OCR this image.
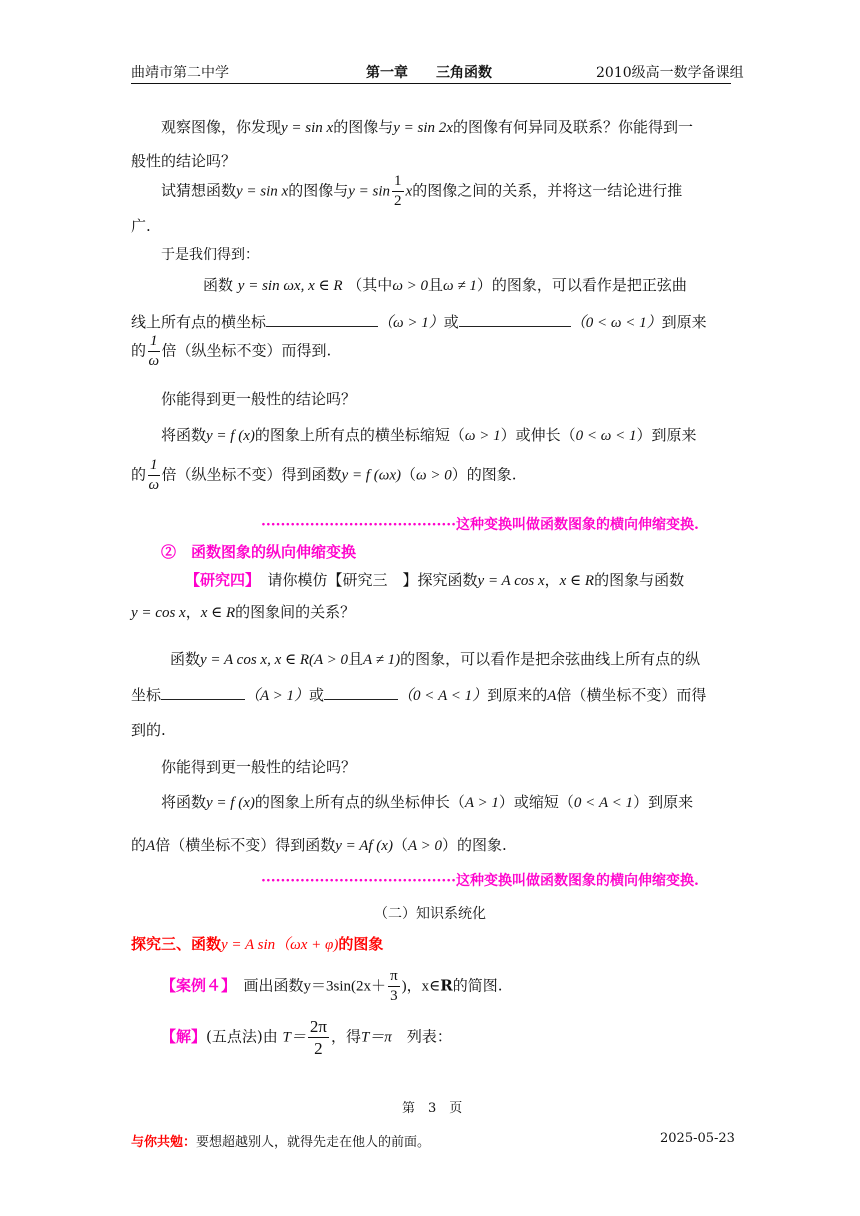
曲靖市第二中学	第一章　　三角函数	2010级高一数学备课组
观察图像，你发现y = sin x的图像与y = sin 2x的图像有何异同及联系？你能得到一
般性的结论吗？
试猜想函数y = sin x的图像与$y = \sin \frac{1}{2}$ x的图像之间的关系，并将这一结论进行推
广.
于是我们得到：
函数 y = sin ωx, x ∈ R （其中ω > 0且ω ≠ 1）的图象，可以看作是把正弦曲
线上所有点的横坐标	（ω > 1）或	（0 < ω < 1）到原来
的 $\frac{1}{\omega}$ 倍（纵坐标不变）而得到.
你能得到更一般性的结论吗？
将函数y = f (x)的图象上所有点的横坐标缩短（ω > 1）或伸长（0 < ω < 1）到原来
的 $\frac{1}{\omega}$ 倍（纵坐标不变）得到函数y = f (ωx)（ω > 0）的图象.
········································这种变换叫做函数图象的横向伸缩变换.
②　函数图象的纵向伸缩变换
【研究四】　 请你模仿【研究三　】探究函数y = A cos x，x ∈ R的图象与函数
y = cos x，x ∈ R的图象间的关系？
函数y = A cos x, x ∈ R(A > 0且A ≠ 1)的图象，可以看作是把余弦曲线上所有点的纵
坐标	（A > 1）或	（0 < A < 1）到原来的A倍（横坐标不变）而得
到的.
你能得到更一般性的结论吗？
将函数y = f (x)的图象上所有点的纵坐标伸长（A > 1）或缩短（0 < A < 1）到原来
的A倍（横坐标不变）得到函数y = Af (x)（A > 0）的图象.
········································这种变换叫做函数图象的横向伸缩变换.
（二）知识系统化
探究三、函数y = A sin（ωx + φ)的图象
【案例４】　 画出函数$y=3\sin(2x+ \frac{\pi}{3}$ )，x∈R的简图.
【解】(五点法)由 $T= \frac{2\pi}{2}$ ，得T＝π　 列表：
第　3　页
与你共勉：要想超越别人，就得先走在他人的前面。	2025-05-23
